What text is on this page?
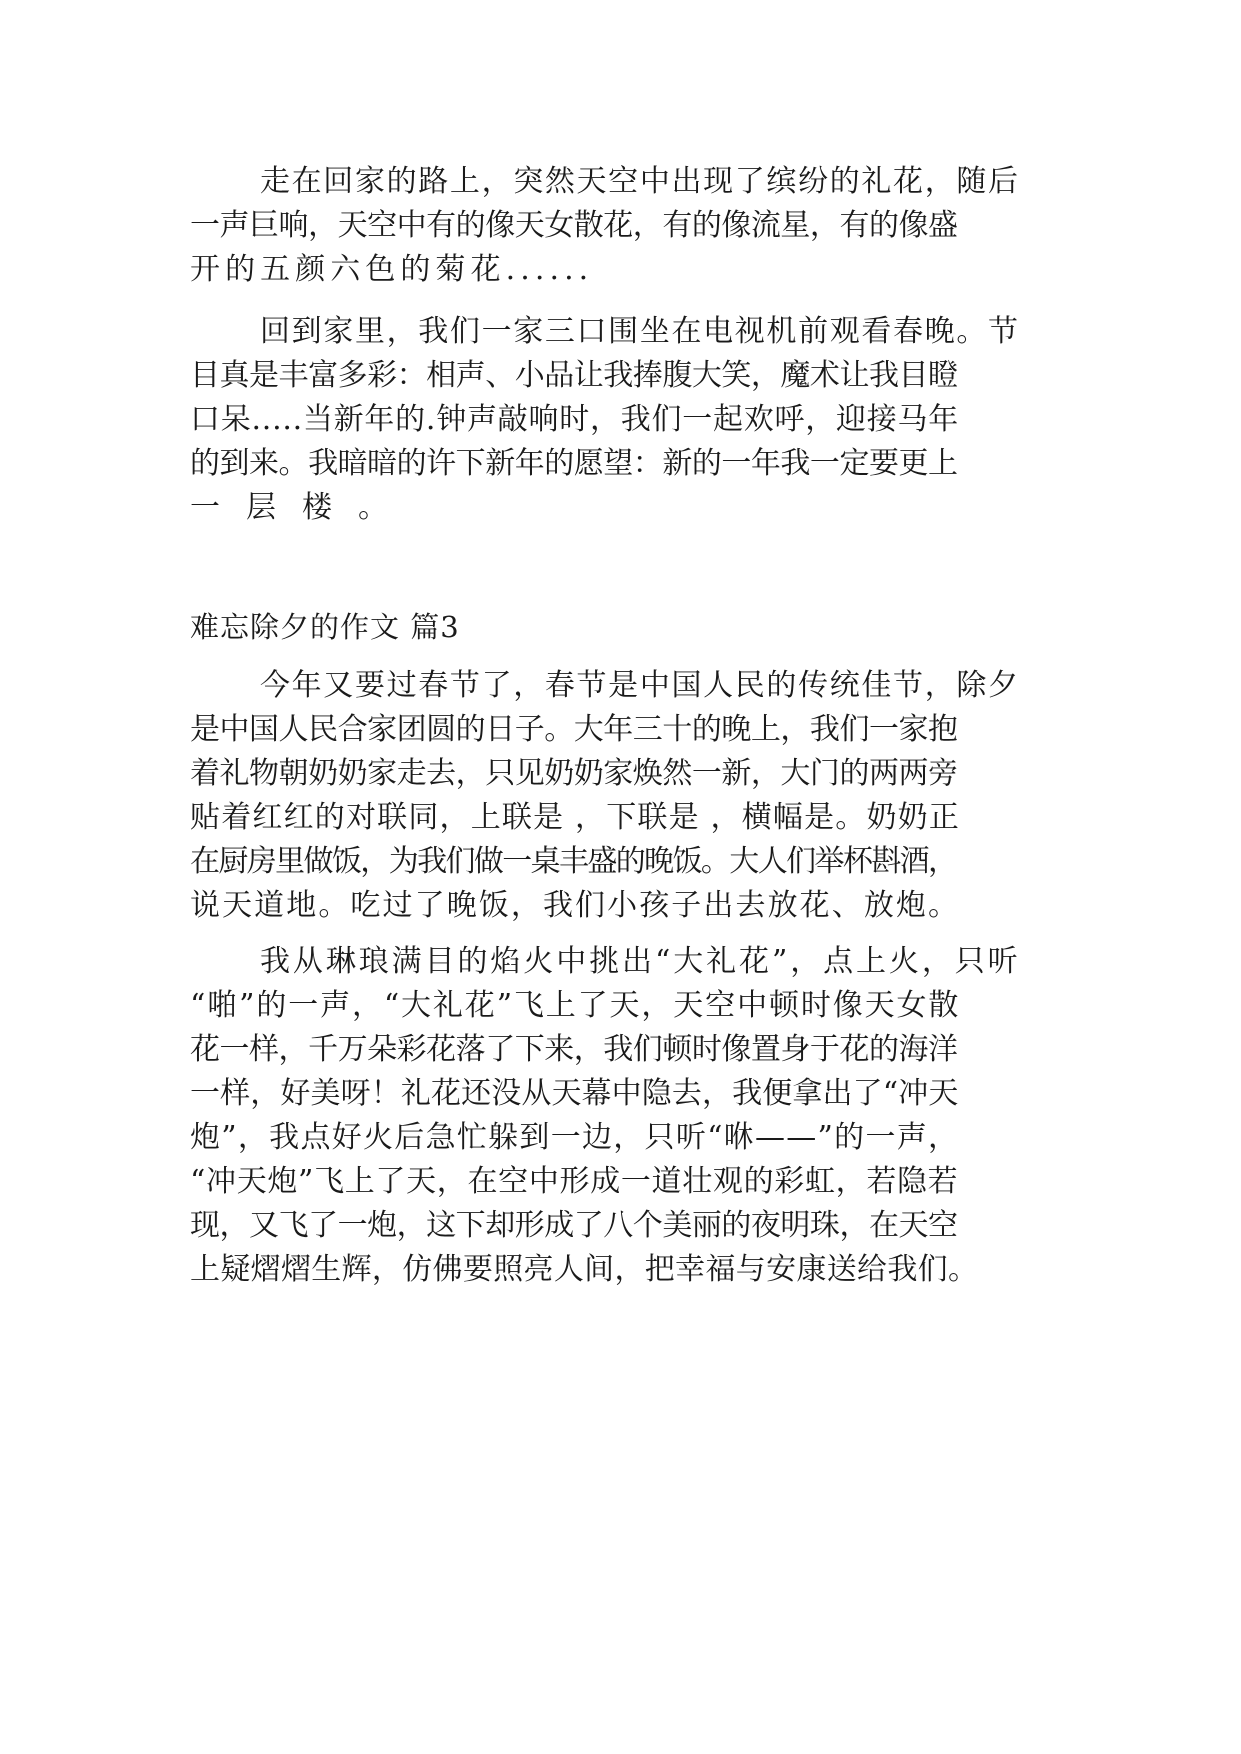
走在回家的路上，突然天空中出现了缤纷的礼花，随后
一声巨响，天空中有的像天女散花，有的像流星，有的像盛
开的五颜六色的菊花......
回到家里，我们一家三口围坐在电视机前观看春晚。节
目真是丰富多彩：相声、小品让我捧腹大笑，魔术让我目瞪
口呆.....当新年的.钟声敲响时，我们一起欢呼，迎接马年
的到来。我暗暗的许下新年的愿望：新的一年我一定要更上
一层楼。
难忘除夕的作文 篇3
今年又要过春节了，春节是中国人民的传统佳节，除夕
是中国人民合家团圆的日子。大年三十的晚上，我们一家抱
着礼物朝奶奶家走去，只见奶奶家焕然一新，大门的两两旁
贴着红红的对联同，上联是 ，下联是 ，横幅是。奶奶正
在厨房里做饭，为我们做一桌丰盛的晚饭。大人们举杯斟酒，
说天道地。吃过了晚饭，我们小孩子出去放花、放炮。
我从琳琅满目的焰火中挑出“大礼花”，点上火，只听
“啪”的一声，“大礼花”飞上了天，天空中顿时像天女散
花一样，千万朵彩花落了下来，我们顿时像置身于花的海洋
一样，好美呀！礼花还没从天幕中隐去，我便拿出了“冲天
炮”，我点好火后急忙躲到一边，只听“咻——”的一声，
“冲天炮”飞上了天，在空中形成一道壮观的彩虹，若隐若
现，又飞了一炮，这下却形成了八个美丽的夜明珠，在天空
上疑熠熠生辉，仿佛要照亮人间，把幸福与安康送给我们。
